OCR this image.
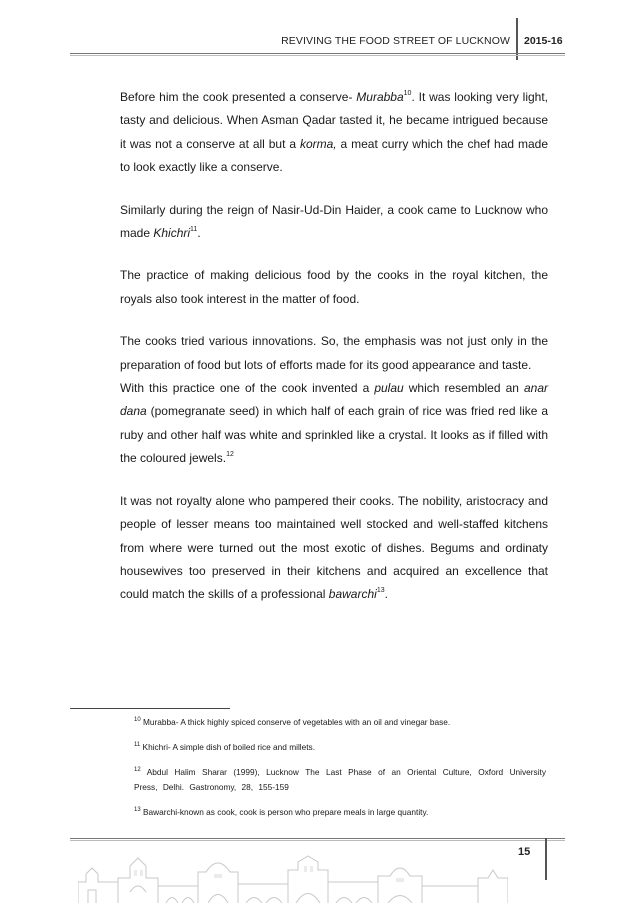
REVIVING THE FOOD STREET OF LUCKNOW 2015-16

Before him the cook presented a conserve- Murabba$^{10}$. It was looking very light, tasty and delicious. When Asman Qadar tasted it, he became intrigued because it was not a conserve at all but a korma, a meat curry which the chef had made to look exactly like a conserve.

Similarly during the reign of Nasir-Ud-Din Haider, a cook came to Lucknow who made Khichri$^{11}$.

The practice of making delicious food by the cooks in the royal kitchen, the royals also took interest in the matter of food.

The cooks tried various innovations. So, the emphasis was not just only in the preparation of food but lots of efforts made for its good appearance and taste.

With this practice one of the cook invented a pulau which resembled an anar dana (pomegranate seed) in which half of each grain of rice was fried red like a ruby and other half was white and sprinkled like a crystal. It looks as if filled with the coloured jewels.$^{12}$

It was not royalty alone who pampered their cooks. The nobility, aristocracy and people of lesser means too maintained well stocked and well-staffed kitchens from where were turned out the most exotic of dishes. Begums and ordinaty housewives too preserved in their kitchens and acquired an excellence that could match the skills of a professional bawarchi$^{13}$.

$^{10}$ Murabba- A thick highly spiced conserve of vegetables with an oil and vinegar base.

$^{11}$ Khichri- A simple dish of boiled rice and millets.

$^{12}$ Abdul Halim Sharar (1999), Lucknow The Last Phase of an Oriental Culture, Oxford University Press, Delhi. Gastronomy, 28, 155-159

$^{13}$ Bawarchi-known as cook, cook is person who prepare meals in large quantity.

15
